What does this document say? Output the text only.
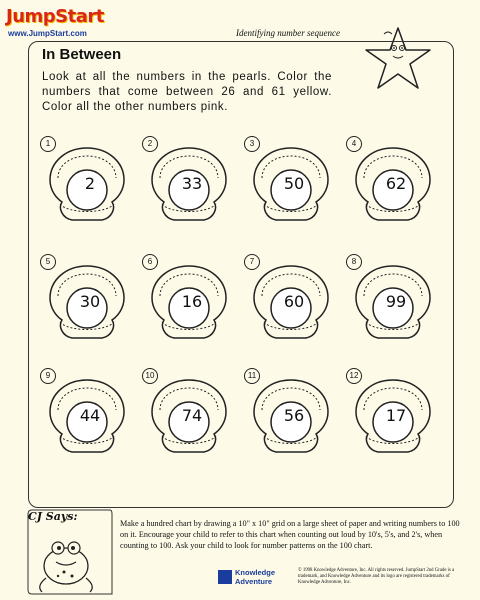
JumpStart
www.JumpStart.com	Identifying number sequence
In Between
Look at all the numbers in the pearls. Color the numbers that come between 26 and 61 yellow. Color all the other numbers pink.
1
2
2
33
3
50
4
62
5
30
6
16
7
60
8
99
9
44
10
74
11
56
12
17
CJ Says:
Make a hundred chart by drawing a 10" x 10" grid on a large sheet of paper and writing numbers to 100 on it. Encourage your child to refer to this chart when counting out loud by 10's, 5's, and 2's, when counting to 100. Ask your child to look for number patterns on the 100 chart.
Knowledge
Adventure
© 1998 Knowledge Adventure, Inc. All rights reserved. JumpStart 2nd Grade is a trademark, and Knowledge Adventure and its logo are registered trademarks of Knowledge Adventure, Inc.
